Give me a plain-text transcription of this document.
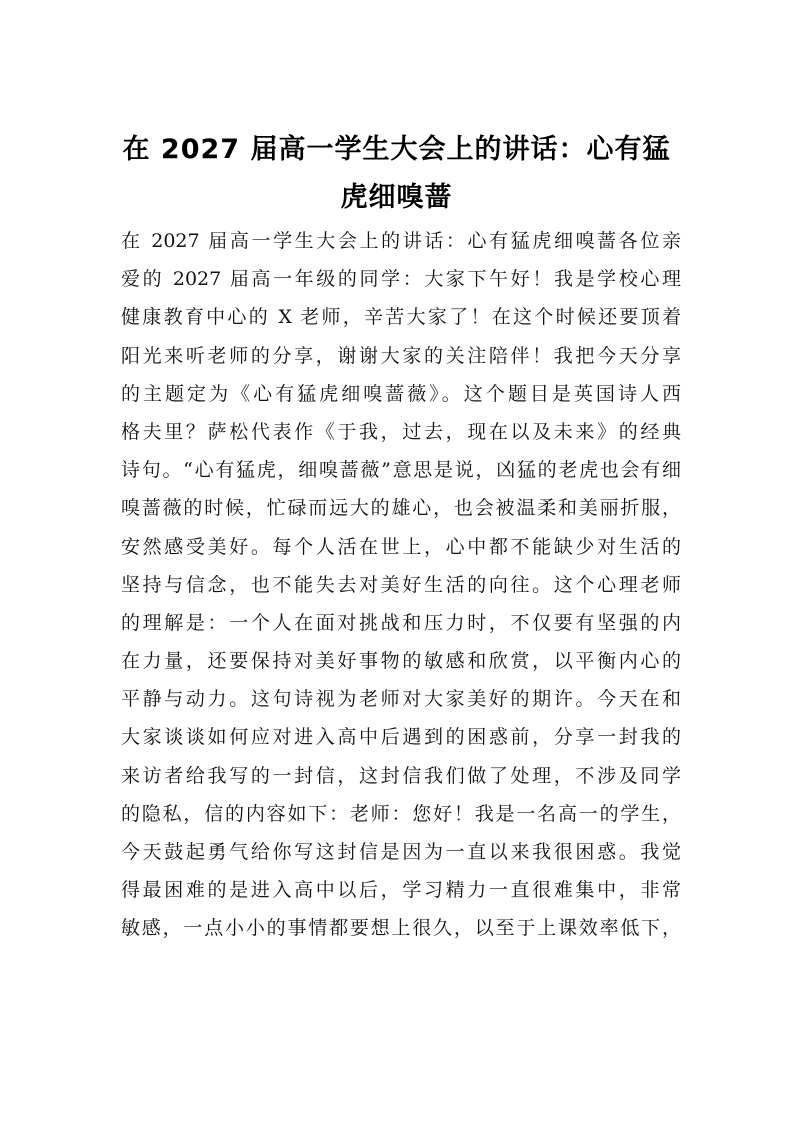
在 2027 届高一学生大会上的讲话：心有猛
虎细嗅蔷
在 2027 届高一学生大会上的讲话：心有猛虎细嗅蔷各位亲
爱的 2027 届高一年级的同学：大家下午好！我是学校心理
健康教育中心的 X 老师，辛苦大家了！在这个时候还要顶着
阳光来听老师的分享，谢谢大家的关注陪伴！我把今天分享
的主题定为《心有猛虎细嗅蔷薇》。这个题目是英国诗人西
格夫里？萨松代表作《于我，过去，现在以及未来》的经典
诗句。“心有猛虎，细嗅蔷薇”意思是说，凶猛的老虎也会有细
嗅蔷薇的时候，忙碌而远大的雄心，也会被温柔和美丽折服，
安然感受美好。每个人活在世上，心中都不能缺少对生活的
坚持与信念，也不能失去对美好生活的向往。这个心理老师
的理解是：一个人在面对挑战和压力时，不仅要有坚强的内
在力量，还要保持对美好事物的敏感和欣赏，以平衡内心的
平静与动力。这句诗视为老师对大家美好的期许。今天在和
大家谈谈如何应对进入高中后遇到的困惑前，分享一封我的
来访者给我写的一封信，这封信我们做了处理，不涉及同学
的隐私，信的内容如下：老师：您好！我是一名高一的学生，
今天鼓起勇气给你写这封信是因为一直以来我很困惑。我觉
得最困难的是进入高中以后，学习精力一直很难集中，非常
敏感，一点小小的事情都要想上很久，以至于上课效率低下，
